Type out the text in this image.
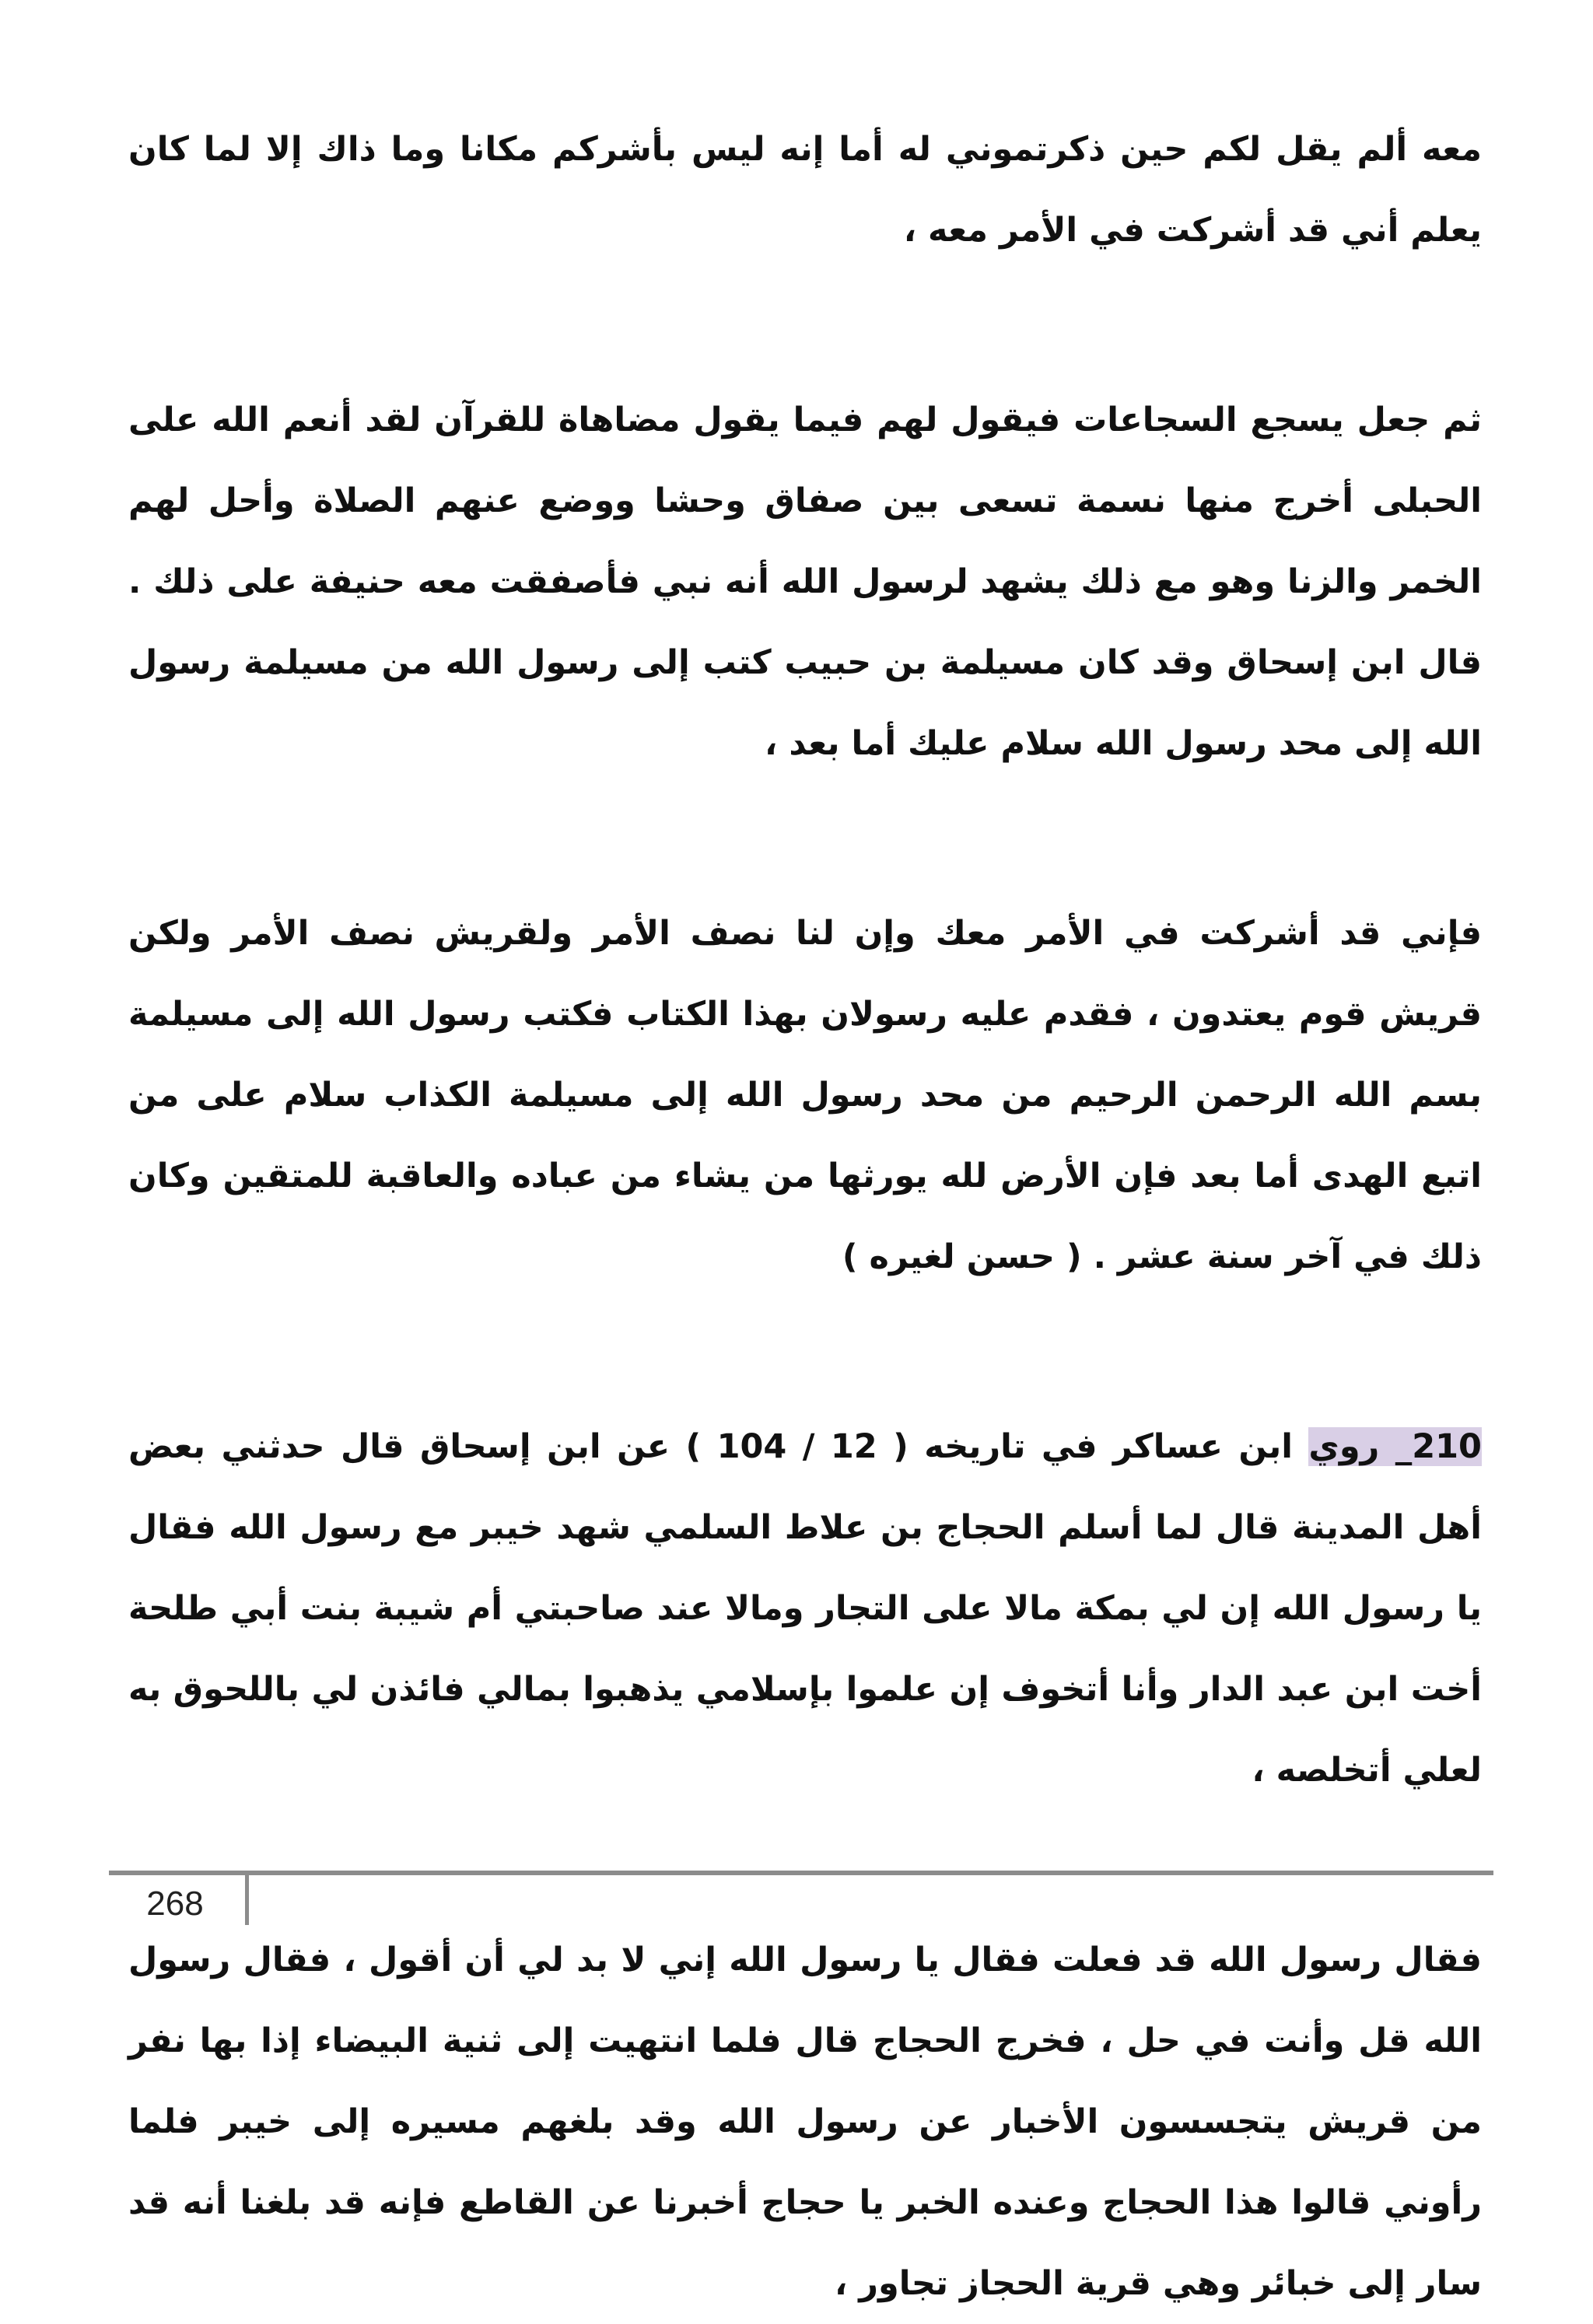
معه ألم يقل لكم حين ذكرتموني له أما إنه ليس بأشركم مكانا وما ذاك إلا لما كان يعلم أني قد أشركت في الأمر معه ،

ثم جعل يسجع السجاعات فيقول لهم فيما يقول مضاهاة للقرآن لقد أنعم الله على الحبلى أخرج منها نسمة تسعى بين صفاق وحشا ووضع عنهم الصلاة وأحل لهم الخمر والزنا وهو مع ذلك يشهد لرسول الله أنه نبي فأصفقت معه حنيفة على ذلك . قال ابن إسحاق وقد كان مسيلمة بن حبيب كتب إلى رسول الله من مسيلمة رسول الله إلى محد رسول الله سلام عليك أما بعد ،

فإني قد أشركت في الأمر معك وإن لنا نصف الأمر ولقريش نصف الأمر ولكن قريش قوم يعتدون ، فقدم عليه رسولان بهذا الكتاب فكتب رسول الله إلى مسيلمة بسم الله الرحمن الرحيم من محد رسول الله إلى مسيلمة الكذاب سلام على من اتبع الهدى أما بعد فإن الأرض لله يورثها من يشاء من عباده والعاقبة للمتقين وكان ذلك في آخر سنة عشر . ( حسن لغيره )

210_ روي ابن عساكر في تاريخه ( 12 / 104 ) عن ابن إسحاق قال حدثني بعض أهل المدينة قال لما أسلم الحجاج بن علاط السلمي شهد خيبر مع رسول الله فقال يا رسول الله إن لي بمكة مالا على التجار ومالا عند صاحبتي أم شيبة بنت أبي طلحة أخت ابن عبد الدار وأنا أتخوف إن علموا بإسلامي يذهبوا بمالي فائذن لي باللحوق به لعلي أتخلصه ،

فقال رسول الله قد فعلت فقال يا رسول الله إني لا بد لي أن أقول ، فقال رسول الله قل وأنت في حل ، فخرج الحجاج قال فلما انتهيت إلى ثنية البيضاء إذا بها نفر من قريش يتجسسون الأخبار عن رسول الله وقد بلغهم مسيره إلى خيبر فلما رأوني قالوا هذا الحجاج وعنده الخبر يا حجاج أخبرنا عن القاطع فإنه قد بلغنا أنه قد سار إلى خبائر وهي قرية الحجاز تجاور ،

268
